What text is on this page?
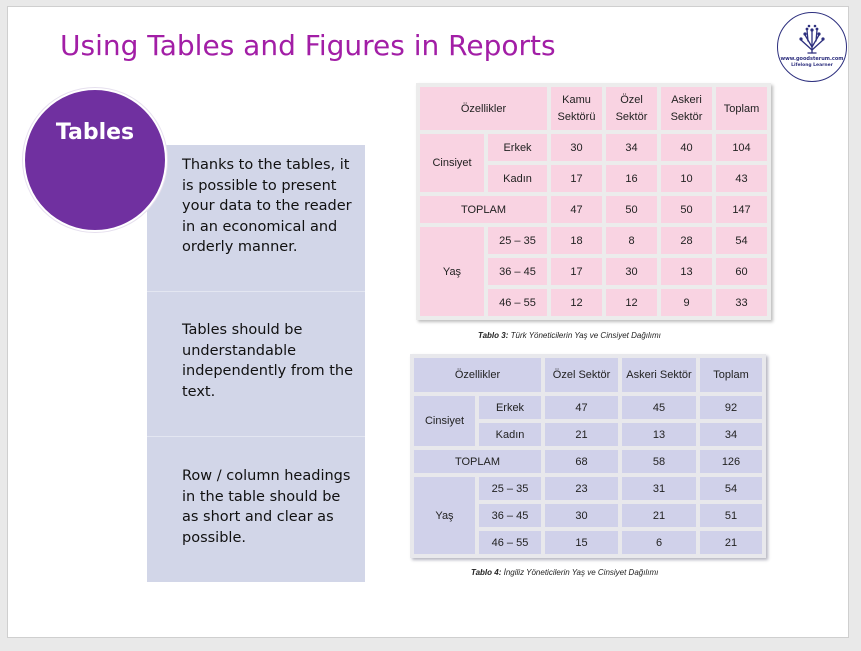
Using Tables and Figures in Reports	www.goodsterum.com
Lifelong Learner
Thanks to the tables, it is possible to present your data to the reader in an economical and orderly manner.
Tables should be understandable independently from the text.
Row / column headings in the table should be as short and clear as possible.
Tables
Özellikler		Kamu Sektörü	Özel Sektör	Askeri Sektör	Toplam
Cinsiyet	Erkek	30	34	40	104
	Kadın	17	16	10	43
TOPLAM		47	50	50	147
Yaş	25 – 35	18	8	28	54
	36 – 45	17	30	13	60
	46 – 55	12	12	9	33
Tablo 3: Türk Yöneticilerin Yaş ve Cinsiyet Dağılımı
Özellikler		Özel Sektör	Askeri Sektör	Toplam
Cinsiyet	Erkek	47	45	92
	Kadın	21	13	34
TOPLAM		68	58	126
Yaş	25 – 35	23	31	54
	36 – 45	30	21	51
	46 – 55	15	6	21
Tablo 4: İngiliz Yöneticilerin Yaş ve Cinsiyet Dağılımı
